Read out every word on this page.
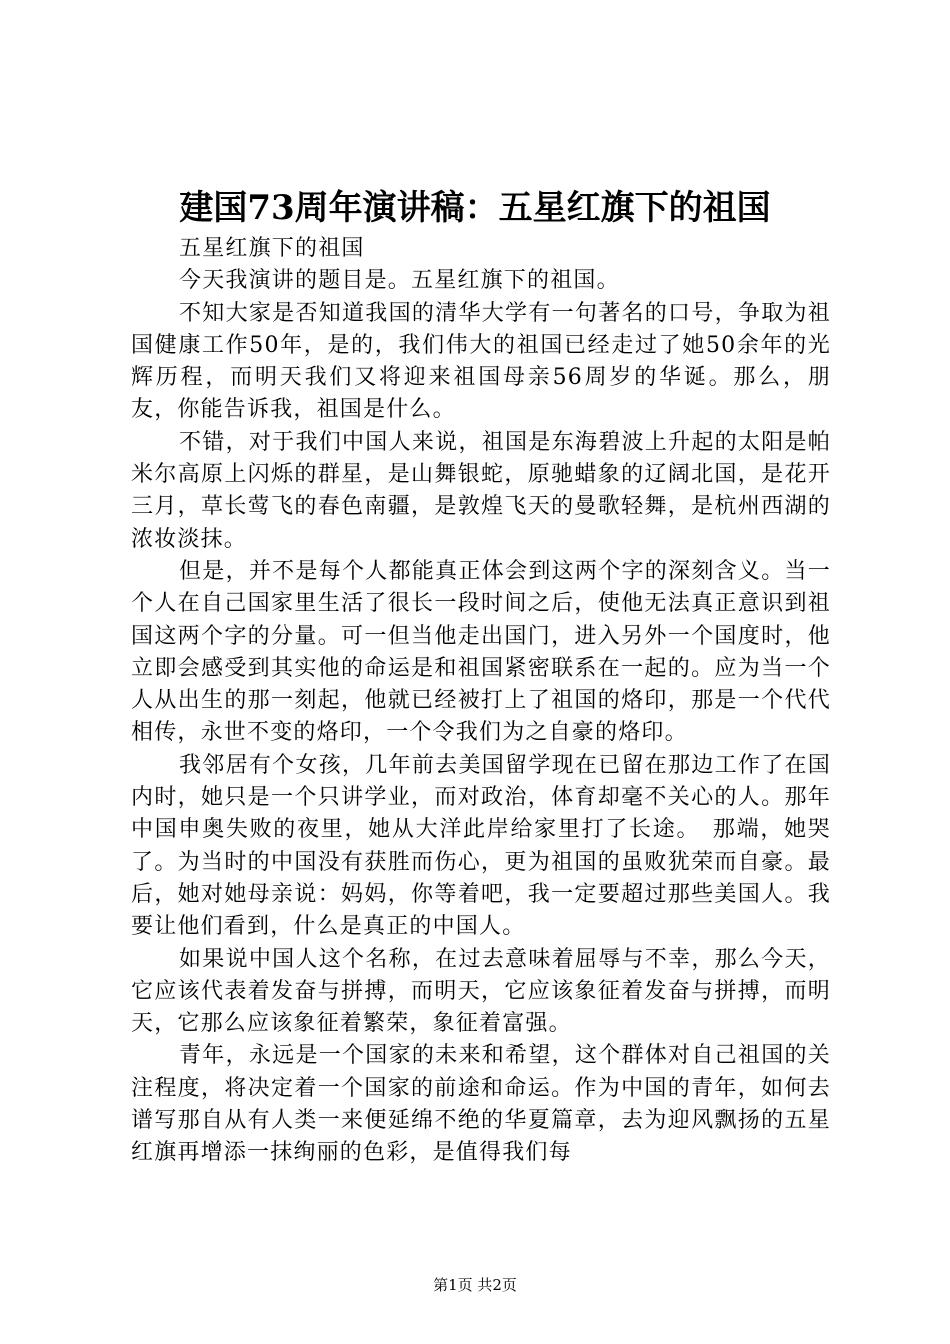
建国73周年演讲稿：五星红旗下的祖国

五星红旗下的祖国

今天我演讲的题目是。五星红旗下的祖国。

不知大家是否知道我国的清华大学有一句著名的口号，争取为祖国健康工作50年，是的，我们伟大的祖国已经走过了她50余年的光辉历程，而明天我们又将迎来祖国母亲56周岁的华诞。那么，朋友，你能告诉我，祖国是什么。

不错，对于我们中国人来说，祖国是东海碧波上升起的太阳是帕米尔高原上闪烁的群星，是山舞银蛇，原驰蜡象的辽阔北国，是花开三月，草长莺飞的春色南疆，是敦煌飞天的曼歌轻舞，是杭州西湖的浓妆淡抹。

但是，并不是每个人都能真正体会到这两个字的深刻含义。当一个人在自己国家里生活了很长一段时间之后，使他无法真正意识到祖国这两个字的分量。可一但当他走出国门，进入另外一个国度时，他立即会感受到其实他的命运是和祖国紧密联系在一起的。应为当一个人从出生的那一刻起，他就已经被打上了祖国的烙印，那是一个代代相传，永世不变的烙印，一个令我们为之自豪的烙印。

我邻居有个女孩，几年前去美国留学现在已留在那边工作了在国内时，她只是一个只讲学业，而对政治，体育却毫不关心的人。那年中国申奥失败的夜里，她从大洋此岸给家里打了长途。　那端，她哭了。为当时的中国没有获胜而伤心，更为祖国的虽败犹荣而自豪。最后，她对她母亲说：妈妈，你等着吧，我一定要超过那些美国人。我要让他们看到，什么是真正的中国人。

如果说中国人这个名称，在过去意味着屈辱与不幸，那么今天，它应该代表着发奋与拼搏，而明天，它应该象征着发奋与拼搏，而明天，它那么应该象征着繁荣，象征着富强。

青年，永远是一个国家的未来和希望，这个群体对自己祖国的关注程度，将决定着一个国家的前途和命运。作为中国的青年，如何去谱写那自从有人类一来便延绵不绝的华夏篇章，去为迎风飘扬的五星红旗再增添一抹绚丽的色彩，是值得我们每

第1页 共2页
